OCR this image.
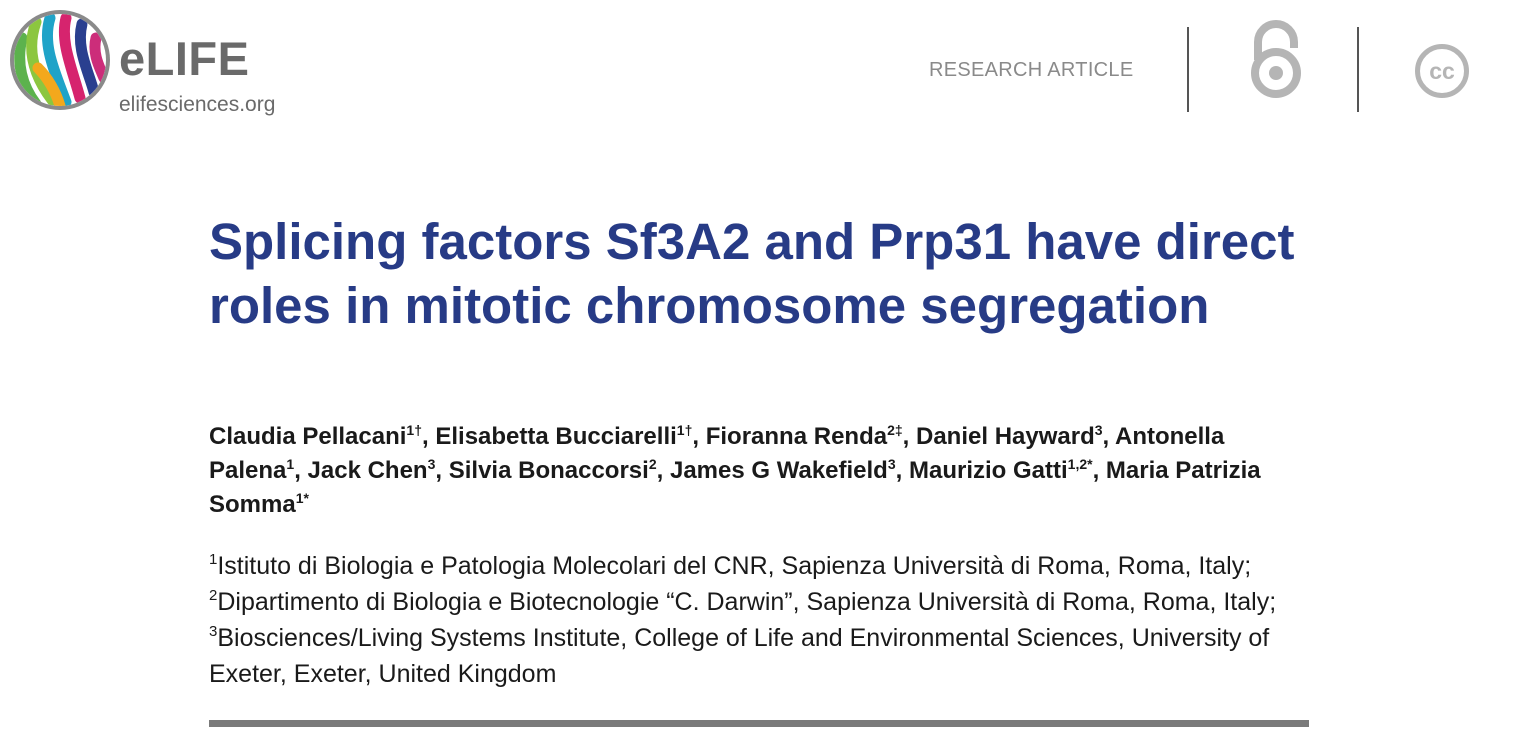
eLIFE
elifesciences.org
RESEARCH ARTICLE	cc
Splicing factors Sf3A2 and Prp31 have direct roles in mitotic chromosome segregation

Claudia Pellacani$^{1\dagger}$, Elisabetta Bucciarelli$^{1\dagger}$, Fioranna Renda$^{2\ddagger}$, Daniel Hayward$^3$, Antonella Palena$^1$, Jack Chen$^3$, Silvia Bonaccorsi$^2$, James G Wakefield$^3$, Maurizio Gatti$^{1,2*}$, Maria Patrizia Somma$^{1*}$

$^1$Istituto di Biologia e Patologia Molecolari del CNR, Sapienza Università di Roma, Roma, Italy; $^2$Dipartimento di Biologia e Biotecnologie “C. Darwin”, Sapienza Università di Roma, Roma, Italy; $^3$Biosciences/Living Systems Institute, College of Life and Environmental Sciences, University of Exeter, Exeter, United Kingdom
